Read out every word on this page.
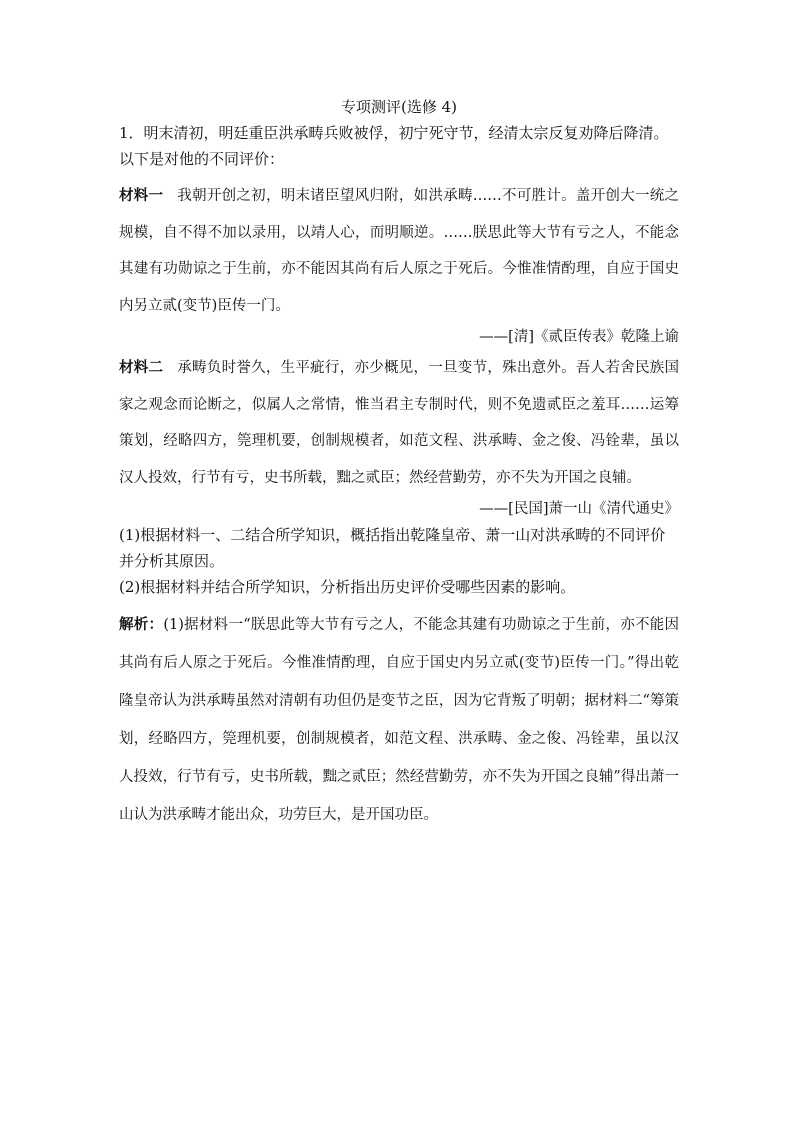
专项测评(选修 4)

1．明末清初，明廷重臣洪承畴兵败被俘，初宁死守节，经清太宗反复劝降后降清。以下是对他的不同评价：

材料一 我朝开创之初，明末诸臣望风归附，如洪承畴……不可胜计。盖开创大一统之规模，自不得不加以录用，以靖人心，而明顺逆。……朕思此等大节有亏之人，不能念其建有功勋谅之于生前，亦不能因其尚有后人原之于死后。今惟准情酌理，自应于国史内另立贰(变节)臣传一门。

——[清]《贰臣传表》乾隆上谕

材料二 承畴负时誉久，生平疵行，亦少概见，一旦变节，殊出意外。吾人若舍民族国家之观念而论断之，似属人之常情，惟当君主专制时代，则不免遗贰臣之羞耳……运筹策划，经略四方，筦理机要，创制规模者，如范文程、洪承畴、金之俊、冯铨辈，虽以汉人投效，行节有亏，史书所载，黜之贰臣；然经营勤劳，亦不失为开国之良辅。

——[民国]萧一山《清代通史》

(1)根据材料一、二结合所学知识，概括指出乾隆皇帝、萧一山对洪承畴的不同评价并分析其原因。

(2)根据材料并结合所学知识，分析指出历史评价受哪些因素的影响。

解析：(1)据材料一“朕思此等大节有亏之人，不能念其建有功勋谅之于生前，亦不能因其尚有后人原之于死后。今惟准情酌理，自应于国史内另立贰(变节)臣传一门。”得出乾隆皇帝认为洪承畴虽然对清朝有功但仍是变节之臣，因为它背叛了明朝；据材料二“筹策划，经略四方，筦理机要，创制规模者，如范文程、洪承畴、金之俊、冯铨辈，虽以汉人投效，行节有亏，史书所载，黜之贰臣；然经营勤劳，亦不失为开国之良辅”得出萧一山认为洪承畴才能出众，功劳巨大，是开国功臣。
